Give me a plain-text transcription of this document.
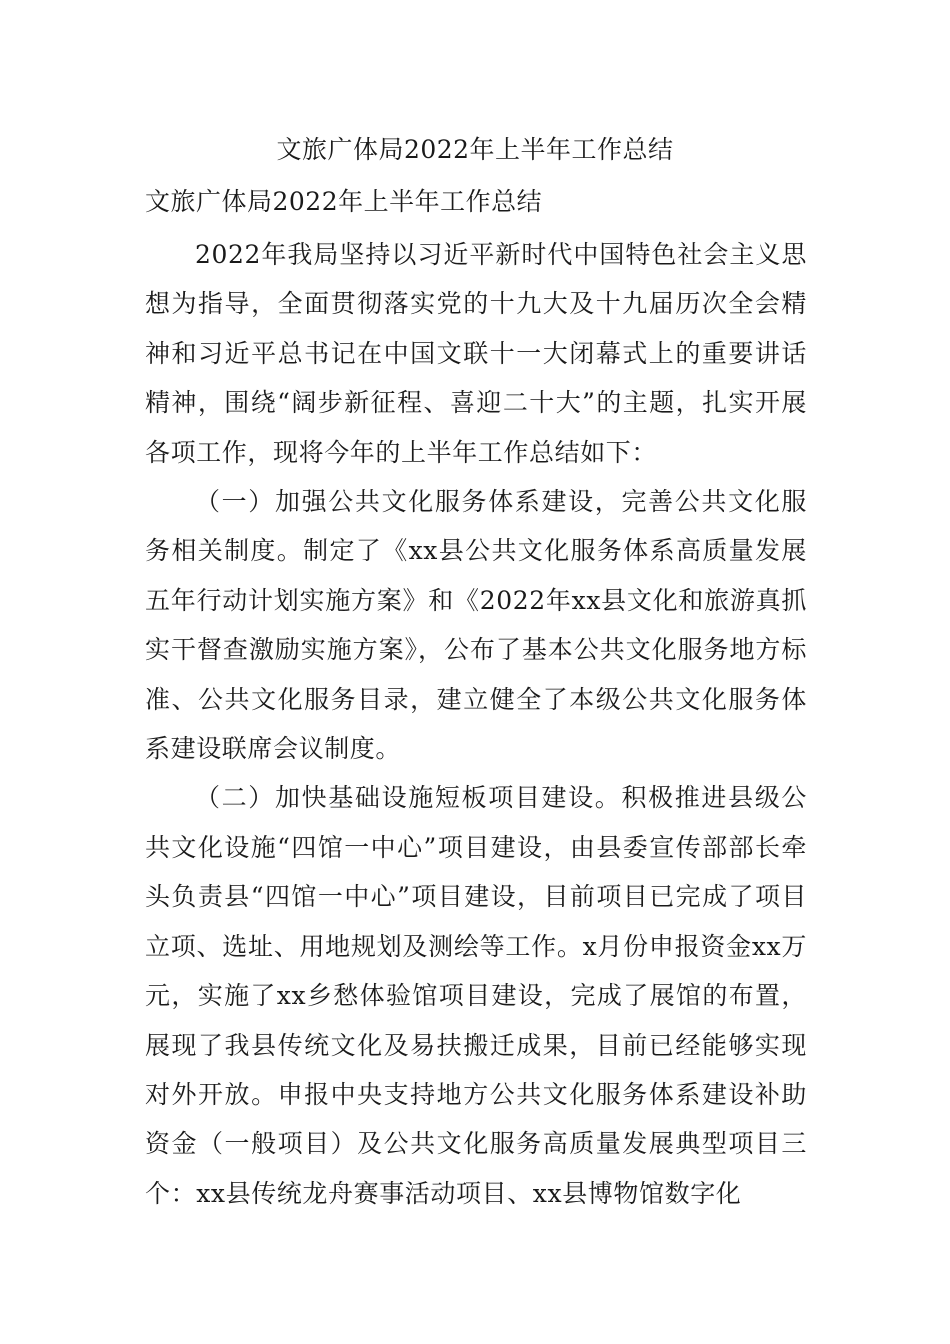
文旅广体局2022年上半年工作总结
文旅广体局2022年上半年工作总结

2022年我局坚持以习近平新时代中国特色社会主义思想为指导，全面贯彻落实党的十九大及十九届历次全会精神和习近平总书记在中国文联十一大闭幕式上的重要讲话精神，围绕“阔步新征程、喜迎二十大”的主题，扎实开展各项工作，现将今年的上半年工作总结如下：

（一）加强公共文化服务体系建设，完善公共文化服务相关制度。制定了《xx县公共文化服务体系高质量发展五年行动计划实施方案》和《2022年xx县文化和旅游真抓实干督查激励实施方案》，公布了基本公共文化服务地方标准、公共文化服务目录，建立健全了本级公共文化服务体系建设联席会议制度。

（二）加快基础设施短板项目建设。积极推进县级公共文化设施“四馆一中心”项目建设，由县委宣传部部长牵头负责县“四馆一中心”项目建设，目前项目已完成了项目立项、选址、用地规划及测绘等工作。x月份申报资金xx万元，实施了xx乡愁体验馆项目建设，完成了展馆的布置，展现了我县传统文化及易扶搬迁成果，目前已经能够实现对外开放。申报中央支持地方公共文化服务体系建设补助资金（一般项目）及公共文化服务高质量发展典型项目三个：xx县传统龙舟赛事活动项目、xx县博物馆数字化
